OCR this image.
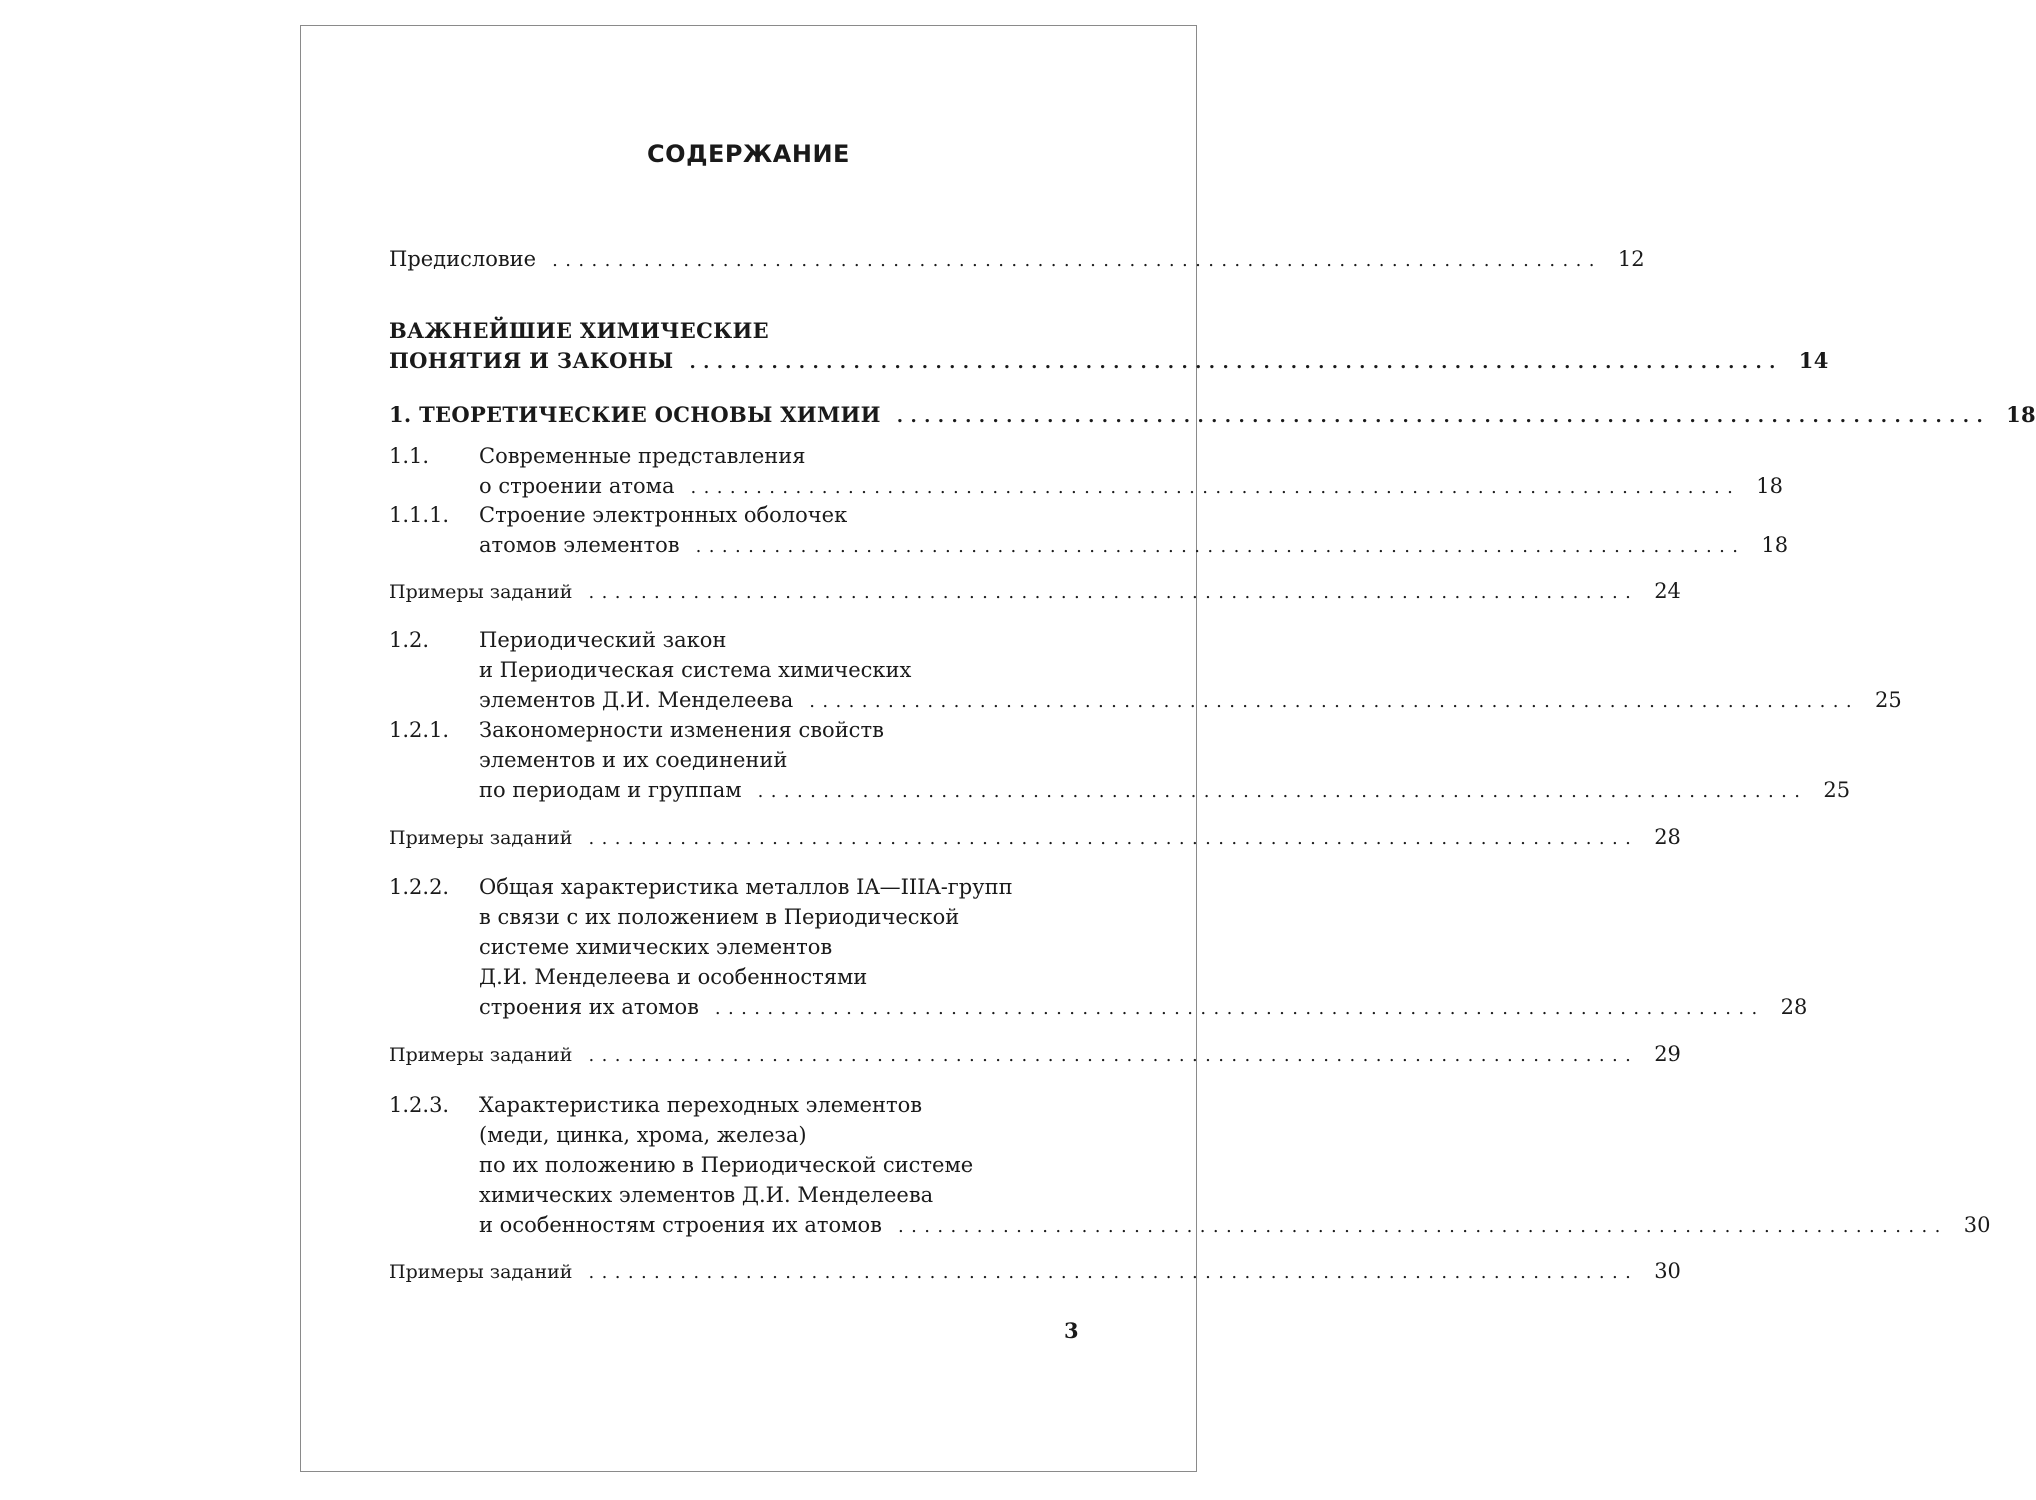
СОДЕРЖАНИЕ
Предисловие ................................................................................ 12
ВАЖНЕЙШИЕ ХИМИЧЕСКИЕ
ПОНЯТИЯ И ЗАКОНЫ ................................................................................ 14
1. ТЕОРЕТИЧЕСКИЕ ОСНОВЫ ХИМИИ ................................................................................ 18
1.1. Современные представления
о строении атома ................................................................................ 18
1.1.1. Строение электронных оболочек
атомов элементов ................................................................................ 18
Примеры заданий ................................................................................ 24
1.2. Периодический закон
и Периодическая система химических
элементов Д.И. Менделеева ................................................................................ 25
1.2.1. Закономерности изменения свойств
элементов и их соединений
по периодам и группам ................................................................................ 25
Примеры заданий ................................................................................ 28
1.2.2. Общая характеристика металлов IA—IIIA-групп
в связи с их положением в Периодической
системе химических элементов
Д.И. Менделеева и особенностями
строения их атомов ................................................................................ 28
Примеры заданий ................................................................................ 29
1.2.3. Характеристика переходных элементов
(меди, цинка, хрома, железа)
по их положению в Периодической системе
химических элементов Д.И. Менделеева
и особенностям строения их атомов ................................................................................ 30
Примеры заданий ................................................................................ 30
3
